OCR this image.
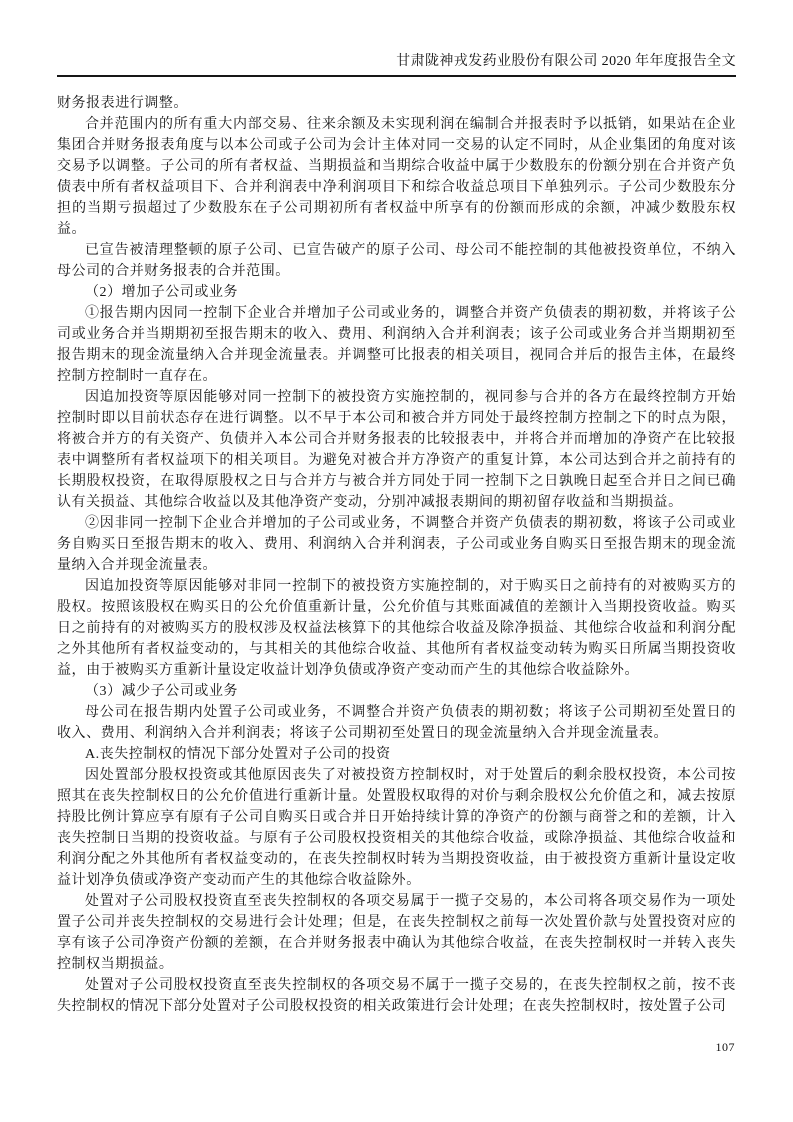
甘肃陇神戎发药业股份有限公司 2020 年年度报告全文

财务报表进行调整。

合并范围内的所有重大内部交易、往来余额及未实现利润在编制合并报表时予以抵销，如果站在企业集团合并财务报表角度与以本公司或子公司为会计主体对同一交易的认定不同时，从企业集团的角度对该交易予以调整。子公司的所有者权益、当期损益和当期综合收益中属于少数股东的份额分别在合并资产负债表中所有者权益项目下、合并利润表中净利润项目下和综合收益总项目下单独列示。子公司少数股东分担的当期亏损超过了少数股东在子公司期初所有者权益中所享有的份额而形成的余额，冲减少数股东权益。

已宣告被清理整顿的原子公司、已宣告破产的原子公司、母公司不能控制的其他被投资单位，不纳入母公司的合并财务报表的合并范围。

（2）增加子公司或业务

①报告期内因同一控制下企业合并增加子公司或业务的，调整合并资产负债表的期初数，并将该子公司或业务合并当期期初至报告期末的收入、费用、利润纳入合并利润表；该子公司或业务合并当期期初至报告期末的现金流量纳入合并现金流量表。并调整可比报表的相关项目，视同合并后的报告主体，在最终控制方控制时一直存在。

因追加投资等原因能够对同一控制下的被投资方实施控制的，视同参与合并的各方在最终控制方开始控制时即以目前状态存在进行调整。以不早于本公司和被合并方同处于最终控制方控制之下的时点为限，将被合并方的有关资产、负债并入本公司合并财务报表的比较报表中，并将合并而增加的净资产在比较报表中调整所有者权益项下的相关项目。为避免对被合并方净资产的重复计算，本公司达到合并之前持有的长期股权投资，在取得原股权之日与合并方与被合并方同处于同一控制下之日孰晚日起至合并日之间已确认有关损益、其他综合收益以及其他净资产变动，分别冲减报表期间的期初留存收益和当期损益。

②因非同一控制下企业合并增加的子公司或业务，不调整合并资产负债表的期初数，将该子公司或业务自购买日至报告期末的收入、费用、利润纳入合并利润表，子公司或业务自购买日至报告期末的现金流量纳入合并现金流量表。

因追加投资等原因能够对非同一控制下的被投资方实施控制的，对于购买日之前持有的对被购买方的股权。按照该股权在购买日的公允价值重新计量，公允价值与其账面减值的差额计入当期投资收益。购买日之前持有的对被购买方的股权涉及权益法核算下的其他综合收益及除净损益、其他综合收益和利润分配之外其他所有者权益变动的，与其相关的其他综合收益、其他所有者权益变动转为购买日所属当期投资收益，由于被购买方重新计量设定收益计划净负债或净资产变动而产生的其他综合收益除外。

（3）减少子公司或业务

母公司在报告期内处置子公司或业务，不调整合并资产负债表的期初数；将该子公司期初至处置日的收入、费用、利润纳入合并利润表；将该子公司期初至处置日的现金流量纳入合并现金流量表。

A.丧失控制权的情况下部分处置对子公司的投资

因处置部分股权投资或其他原因丧失了对被投资方控制权时，对于处置后的剩余股权投资，本公司按照其在丧失控制权日的公允价值进行重新计量。处置股权取得的对价与剩余股权公允价值之和，减去按原持股比例计算应享有原有子公司自购买日或合并日开始持续计算的净资产的份额与商誉之和的差额，计入丧失控制日当期的投资收益。与原有子公司股权投资相关的其他综合收益，或除净损益、其他综合收益和利润分配之外其他所有者权益变动的，在丧失控制权时转为当期投资收益，由于被投资方重新计量设定收益计划净负债或净资产变动而产生的其他综合收益除外。

处置对子公司股权投资直至丧失控制权的各项交易属于一揽子交易的，本公司将各项交易作为一项处置子公司并丧失控制权的交易进行会计处理；但是，在丧失控制权之前每一次处置价款与处置投资对应的享有该子公司净资产份额的差额，在合并财务报表中确认为其他综合收益，在丧失控制权时一并转入丧失控制权当期损益。

处置对子公司股权投资直至丧失控制权的各项交易不属于一揽子交易的，在丧失控制权之前，按不丧失控制权的情况下部分处置对子公司股权投资的相关政策进行会计处理；在丧失控制权时，按处置子公司

107
